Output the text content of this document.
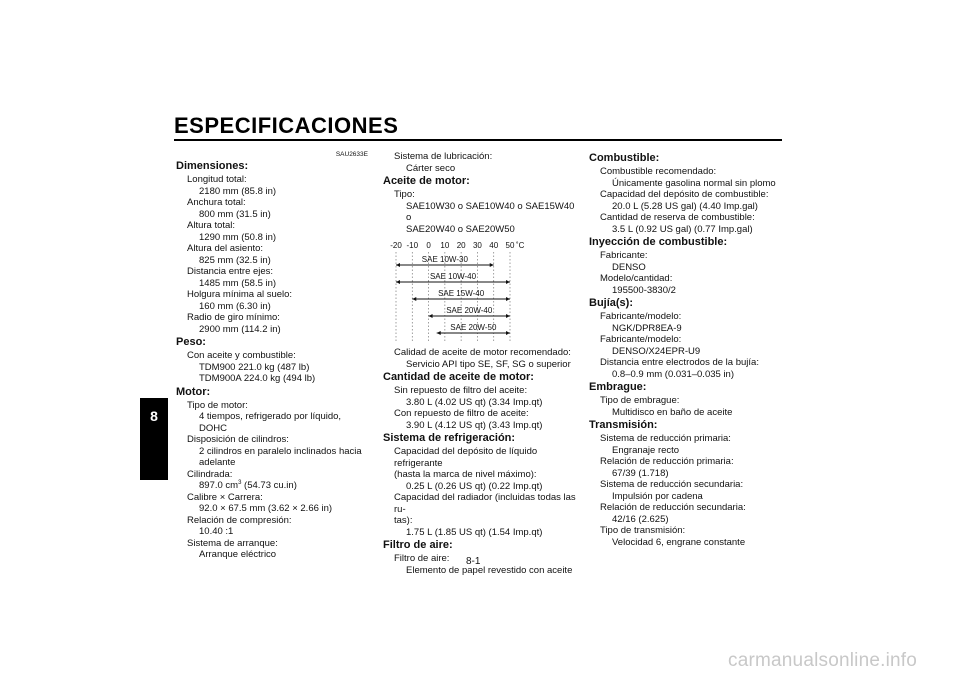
ESPECIFICACIONES
8
SAU2633E
Dimensiones:
Longitud total:
2180 mm (85.8 in)
Anchura total:
800 mm (31.5 in)
Altura total:
1290 mm (50.8 in)
Altura del asiento:
825 mm (32.5 in)
Distancia entre ejes:
1485 mm (58.5 in)
Holgura mínima al suelo:
160 mm (6.30 in)
Radio de giro mínimo:
2900 mm (114.2 in)
Peso:
Con aceite y combustible:
TDM900 221.0 kg (487 lb)
TDM900A 224.0 kg (494 lb)
Motor:
Tipo de motor:
4 tiempos, refrigerado por líquido, DOHC
Disposición de cilindros:
2 cilindros en paralelo inclinados hacia
adelante
Cilindrada:
897.0 $cm^3$ (54.73 cu.in)
Calibre × Carrera:
92.0 × 67.5 mm (3.62 × 2.66 in)
Relación de compresión:
10.40 :1
Sistema de arranque:
Arranque eléctrico
Sistema de lubricación:
Cárter seco
Aceite de motor:
Tipo:
SAE10W30 o SAE10W40 o SAE15W40 o
SAE20W40 o SAE20W50
-20 -10 0 10 20 30 40 50 ˚C
SAE 10W-30
SAE 10W-40
SAE 15W-40
SAE 20W-40
SAE 20W-50
Calidad de aceite de motor recomendado:
Servicio API tipo SE, SF, SG o superior
Cantidad de aceite de motor:
Sin repuesto de filtro del aceite:
3.80 L (4.02 US qt) (3.34 Imp.qt)
Con repuesto de filtro de aceite:
3.90 L (4.12 US qt) (3.43 Imp.qt)
Sistema de refrigeración:
Capacidad del depósito de líquido refrigerante
(hasta la marca de nivel máximo):
0.25 L (0.26 US qt) (0.22 Imp.qt)
Capacidad del radiador (incluidas todas las ru-
tas):
1.75 L (1.85 US qt) (1.54 Imp.qt)
Filtro de aire:
Filtro de aire:
Elemento de papel revestido con aceite
Combustible:
Combustible recomendado:
Únicamente gasolina normal sin plomo
Capacidad del depósito de combustible:
20.0 L (5.28 US gal) (4.40 Imp.gal)
Cantidad de reserva de combustible:
3.5 L (0.92 US gal) (0.77 Imp.gal)
Inyección de combustible:
Fabricante:
DENSO
Modelo/cantidad:
195500-3830/2
Bujía(s):
Fabricante/modelo:
NGK/DPR8EA-9
Fabricante/modelo:
DENSO/X24EPR-U9
Distancia entre electrodos de la bujía:
0.8–0.9 mm (0.031–0.035 in)
Embrague:
Tipo de embrague:
Multidisco en baño de aceite
Transmisión:
Sistema de reducción primaria:
Engranaje recto
Relación de reducción primaria:
67/39 (1.718)
Sistema de reducción secundaria:
Impulsión por cadena
Relación de reducción secundaria:
42/16 (2.625)
Tipo de transmisión:
Velocidad 6, engrane constante
8-1
carmanualsonline.info
